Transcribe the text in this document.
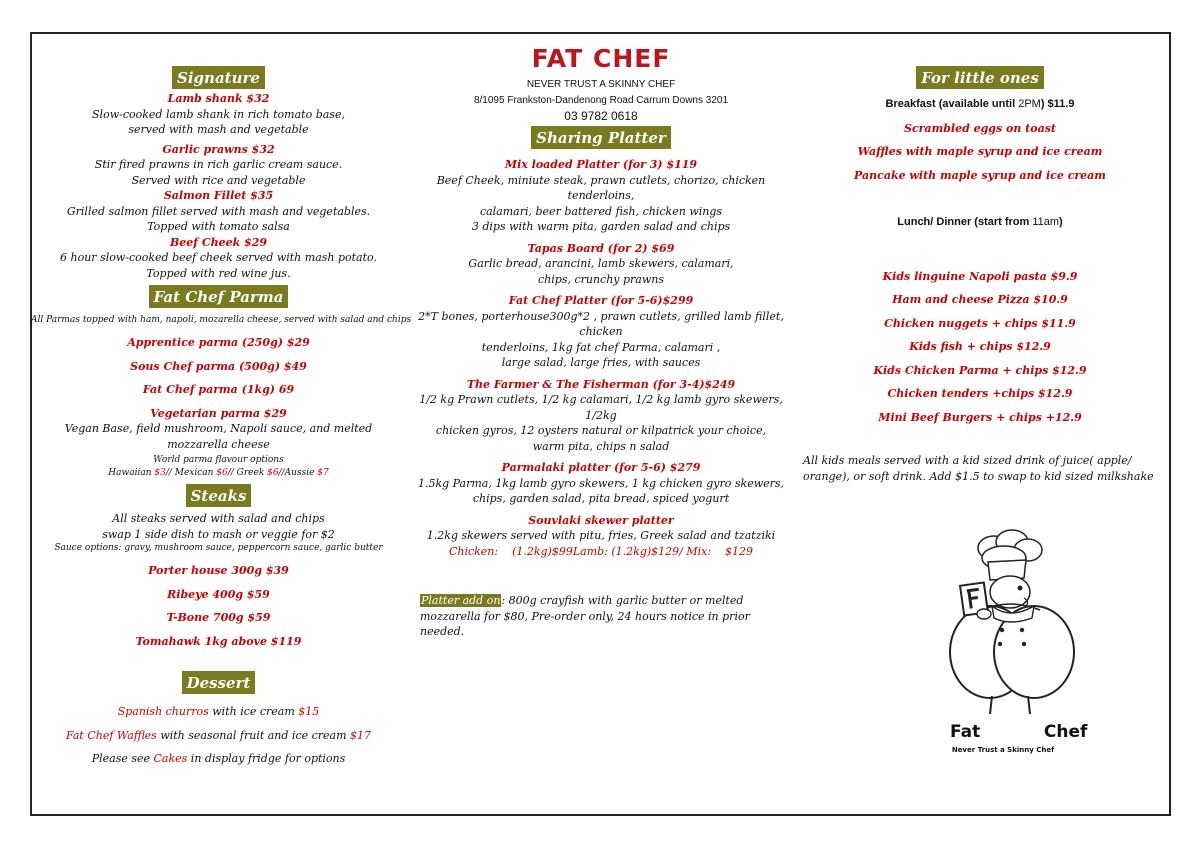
Signature
Lamb shank $32
Slow-cooked lamb shank in rich tomato base,
served with mash and vegetable
Garlic prawns $32
Stir fired prawns in rich garlic cream sauce.
Served with rice and vegetable
Salmon Fillet $35
Grilled salmon fillet served with mash and vegetables.
Topped with tomato salsa
Beef Cheek $29
6 hour slow-cooked beef cheek served with mash potato.
Topped with red wine jus.
Fat Chef Parma
All Parmas topped with ham, napoli, mozarella cheese, served with salad and chips
Apprentice parma (250g) $29
Sous Chef parma (500g) $49
Fat Chef parma (1kg) 69
Vegetarian parma $29
Vegan Base, field mushroom, Napoli sauce, and melted mozzarella cheese
World parma flavour options
Hawaiian $3// Mexican $6// Greek $6//Aussie $7
Steaks
All steaks served with salad and chips
swap 1 side dish to mash or veggie for $2
Sauce options: gravy, mushroom sauce, peppercorn sauce, garlic butter
Porter house 300g $39
Ribeye 400g $59
T-Bone 700g $59
Tomahawk 1kg above $119
Dessert
Spanish churros with ice cream $15
Fat Chef Waffles with seasonal fruit and ice cream $17
Please see Cakes in display fridge for options
FAT CHEF
NEVER TRUST A SKINNY CHEF
8/1095 Frankston-Dandenong Road Carrum Downs 3201
03 9782 0618
Sharing Platter
Mix loaded Platter (for 3) $119
Beef Cheek, miniute steak, prawn cutlets, chorizo, chicken tenderloins,
calamari, beer battered fish, chicken wings
3 dips with warm pita, garden salad and chips
Tapas Board (for 2) $69
Garlic bread, arancini, lamb skewers, calamari,
chips, crunchy prawns
Fat Chef Platter (for 5-6)$299
2*T bones, porterhouse300g*2 , prawn cutlets, grilled lamb fillet, chicken
tenderloins, 1kg fat chef Parma, calamari ,
large salad, large fries, with sauces
The Farmer & The Fisherman (for 3-4)$249
1/2 kg Prawn cutlets, 1/2 kg calamari, 1/2 kg lamb gyro skewers, 1/2kg
chicken gyros, 12 oysters natural or kilpatrick your choice,
warm pita, chips n salad
Parmalaki platter (for 5-6) $279
1.5kg Parma, 1kg lamb gyro skewers, 1 kg chicken gyro skewers,
chips, garden salad, pita bread, spiced yogurt
Souvlaki skewer platter
1.2kg skewers served with pitu, fries, Greek salad and tzatziki
Chicken:    (1.2kg)$99Lamb: (1.2kg)$129/ Mix:    $129
Platter add on: 800g crayfish with garlic butter or melted mozzarella for $80, Pre-order only, 24 hours notice in prior needed.
For little ones
Breakfast (available until 2PM) $11.9
Scrambled eggs on toast
Waffles with maple syrup and ice cream
Pancake with maple syrup and ice cream
Lunch/ Dinner (start from 11am)
Kids linguine Napoli pasta $9.9
Ham and cheese Pizza $10.9
Chicken nuggets + chips $11.9
Kids fish + chips $12.9
Kids Chicken Parma + chips $12.9
Chicken tenders +chips $12.9
Mini Beef Burgers + chips +12.9
All kids meals served with a kid sized drink of juice( apple/ orange), or soft drink. Add $1.5 to swap to kid sized milkshake
Fat    Chef
Never Trust a Skinny Chef
